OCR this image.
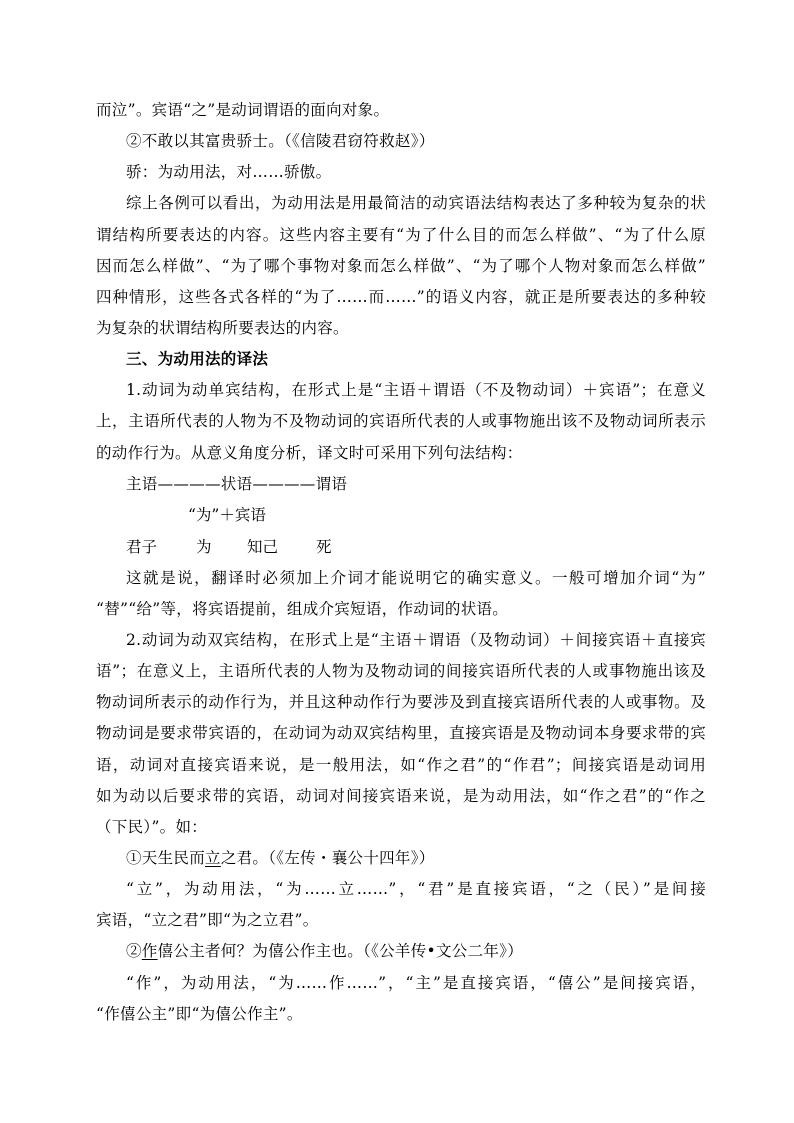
而泣”。宾语“之”是动词谓语的面向对象。
②不敢以其富贵骄士。（《信陵君窃符救赵》）
骄：为动用法，对……骄傲。
综上各例可以看出，为动用法是用最简洁的动宾语法结构表达了多种较为复杂的状
谓结构所要表达的内容。这些内容主要有“为了什么目的而怎么样做”、“为了什么原
因而怎么样做”、“为了哪个事物对象而怎么样做”、“为了哪个人物对象而怎么样做”
四种情形，这些各式各样的“为了……而……”的语义内容，就正是所要表达的多种较
为复杂的状谓结构所要表达的内容。
三、为动用法的译法
1.动词为动单宾结构，在形式上是“主语＋谓语（不及物动词）＋宾语”；在意义
上，主语所代表的人物为不及物动词的宾语所代表的人或事物施出该不及物动词所表示
的动作行为。从意义角度分析，译文时可采用下列句法结构：
主语————状语————谓语
“为”＋宾语
君子	为 知己 死
这就是说，翻译时必须加上介词才能说明它的确实意义。一般可增加介词“为”
“替”“给”等，将宾语提前，组成介宾短语，作动词的状语。
2.动词为动双宾结构，在形式上是“主语＋谓语（及物动词）＋间接宾语＋直接宾
语”；在意义上，主语所代表的人物为及物动词的间接宾语所代表的人或事物施出该及
物动词所表示的动作行为，并且这种动作行为要涉及到直接宾语所代表的人或事物。及
物动词是要求带宾语的，在动词为动双宾结构里，直接宾语是及物动词本身要求带的宾
语，动词对直接宾语来说，是一般用法，如“作之君”的“作君”；间接宾语是动词用
如为动以后要求带的宾语，动词对间接宾语来说，是为动用法，如“作之君”的“作之
（下民）”。如：
①天生民而立之君。（《左传・襄公十四年》）
“立”，为动用法，“为……立……”，“君”是直接宾语，“之（民）”是间接
宾语，“立之君”即“为之立君”。
②作僖公主者何？为僖公作主也。（《公羊传•文公二年》）
“作”，为动用法，“为……作……”，“主”是直接宾语，“僖公”是间接宾语，
“作僖公主”即“为僖公作主”。
